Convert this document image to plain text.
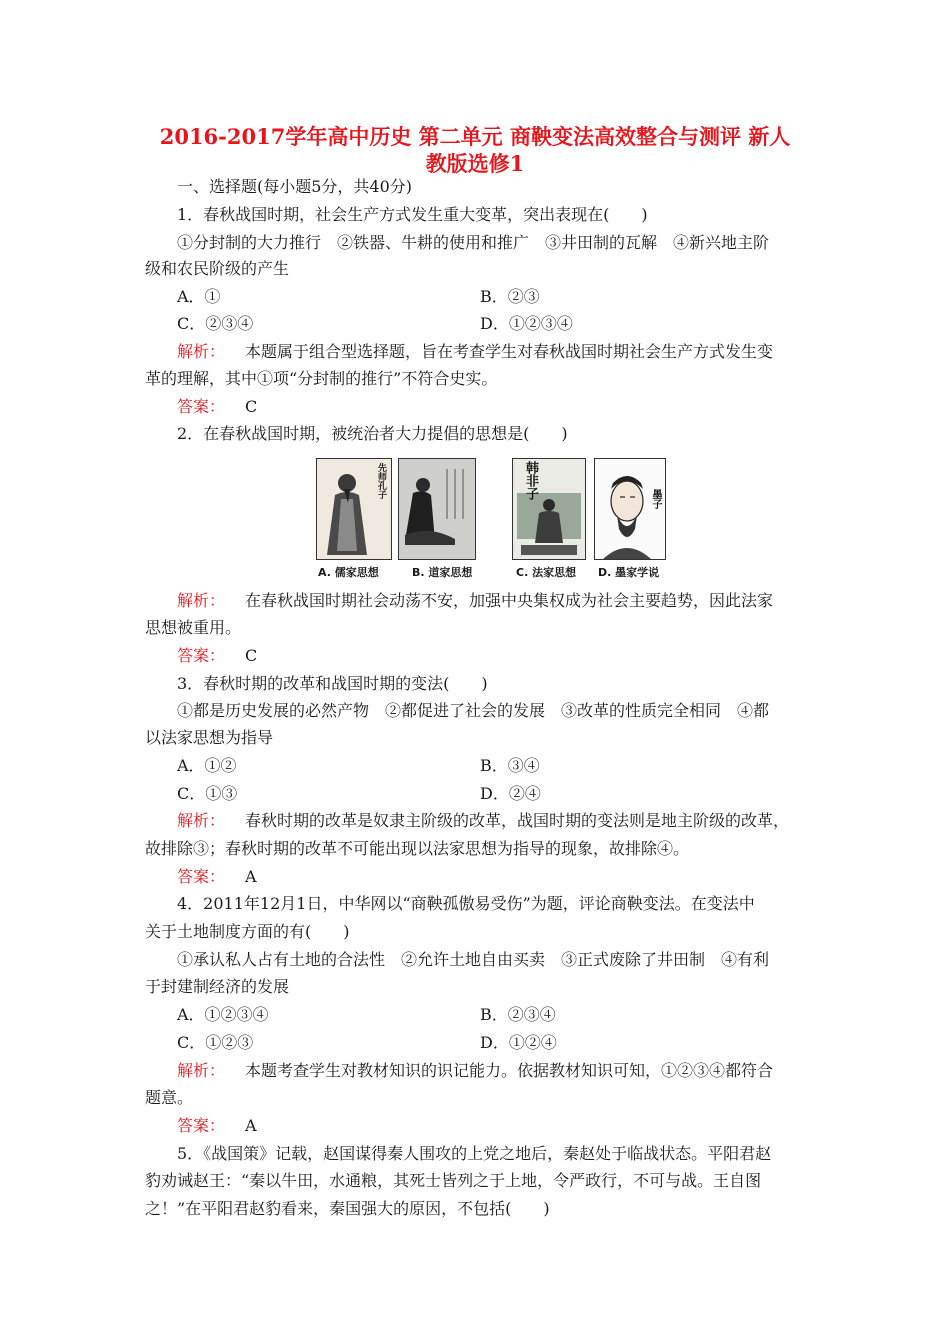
2016-2017学年高中历史 第二单元 商鞅变法高效整合与测评 新人
教版选修1
一、选择题(每小题5分，共40分)
1．春秋战国时期，社会生产方式发生重大变革，突出表现在(　　)
①分封制的大力推行　②铁器、牛耕的使用和推广　③井田制的瓦解　④新兴地主阶
级和农民阶级的产生
A．①	B．②③
C．②③④	D．①②③④
解析： 本题属于组合型选择题，旨在考查学生对春秋战国时期社会生产方式发生变
革的理解，其中①项“分封制的推行”不符合史实。
答案： C
2．在春秋战国时期，被统治者大力提倡的思想是(　　)
先师孔子	韩非子	墨子
A. 儒家思想	B. 道家思想	C. 法家思想 D. 墨家学说
解析： 在春秋战国时期社会动荡不安，加强中央集权成为社会主要趋势，因此法家
思想被重用。
答案： C
3．春秋时期的改革和战国时期的变法(　　)
①都是历史发展的必然产物　②都促进了社会的发展　③改革的性质完全相同　④都
以法家思想为指导
A．①②	B．③④
C．①③	D．②④
解析： 春秋时期的改革是奴隶主阶级的改革，战国时期的变法则是地主阶级的改革，
故排除③；春秋时期的改革不可能出现以法家思想为指导的现象，故排除④。
答案： A
4．2011年12月1日，中华网以“商鞅孤傲易受伤”为题，评论商鞅变法。在变法中
关于土地制度方面的有(　　)
①承认私人占有土地的合法性　②允许土地自由买卖　③正式废除了井田制　④有利
于封建制经济的发展
A．①②③④	B．②③④
C．①②③	D．①②④
解析： 本题考查学生对教材知识的识记能力。依据教材知识可知，①②③④都符合
题意。
答案： A
5．《战国策》记载，赵国谋得秦人围攻的上党之地后，秦赵处于临战状态。平阳君赵
豹劝诫赵王：“秦以牛田，水通粮，其死士皆列之于上地，令严政行，不可与战。王自图
之！”在平阳君赵豹看来，秦国强大的原因，不包括(　　)
